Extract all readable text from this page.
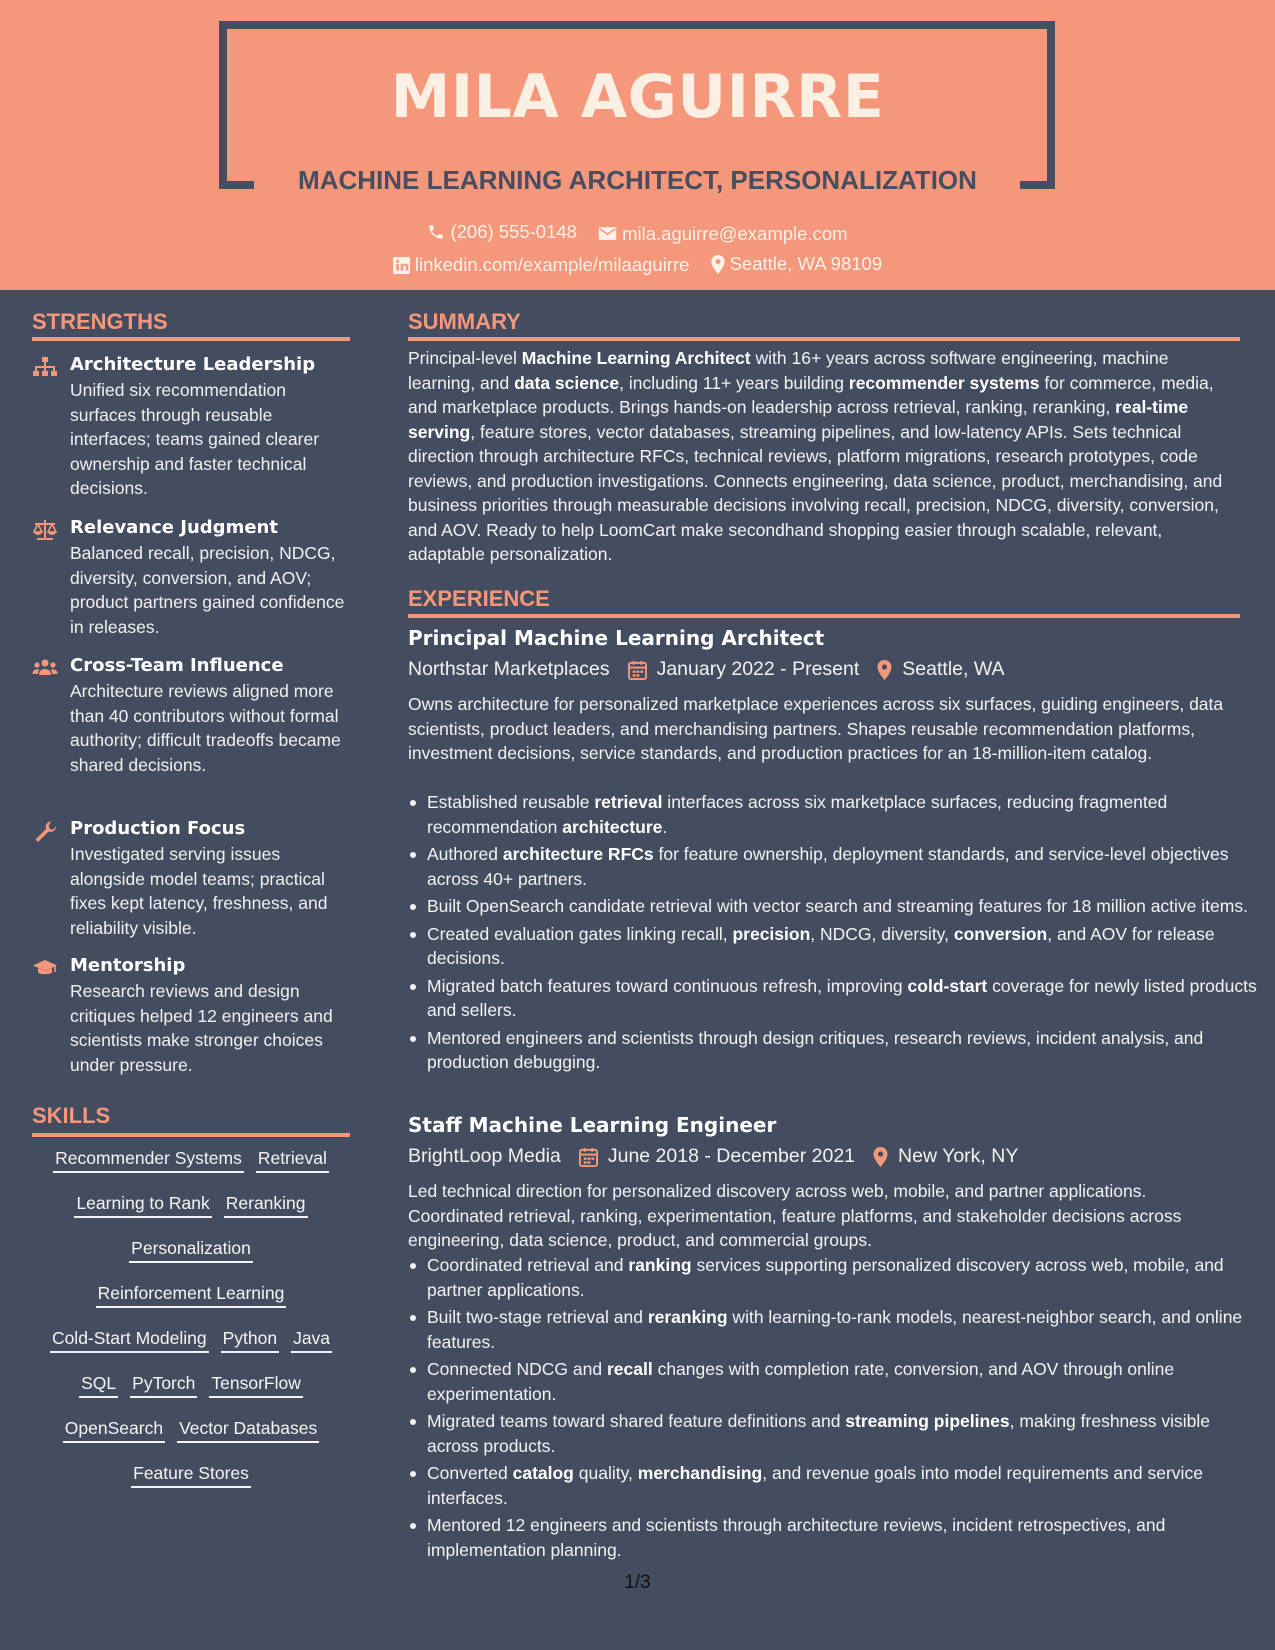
MILA AGUIRRE
MACHINE LEARNING ARCHITECT, PERSONALIZATION
(206) 555-0148
mila.aguirre@example.com
linkedin.com/example/milaaguirre
Seattle, WA 98109
STRENGTHS
Architecture Leadership
Unified six recommendation surfaces through reusable interfaces; teams gained clearer ownership and faster technical decisions.
Relevance Judgment
Balanced recall, precision, NDCG, diversity, conversion, and AOV; product partners gained confidence in releases.
Cross-Team Influence
Architecture reviews aligned more than 40 contributors without formal authority; difficult tradeoffs became shared decisions.
Production Focus
Investigated serving issues alongside model teams; practical fixes kept latency, freshness, and reliability visible.
Mentorship
Research reviews and design critiques helped 12 engineers and scientists make stronger choices under pressure.
SKILLS
Recommender Systems Retrieval
Learning to Rank Reranking
Personalization
Reinforcement Learning
Cold-Start Modeling Python Java
SQL PyTorch TensorFlow
OpenSearch Vector Databases
Feature Stores
SUMMARY
Principal-level Machine Learning Architect with 16+ years across software engineering, machine learning, and data science, including 11+ years building recommender systems for commerce, media, and marketplace products. Brings hands-on leadership across retrieval, ranking, reranking, real-time serving, feature stores, vector databases, streaming pipelines, and low-latency APIs. Sets technical direction through architecture RFCs, technical reviews, platform migrations, research prototypes, code reviews, and production investigations. Connects engineering, data science, product, merchandising, and business priorities through measurable decisions involving recall, precision, NDCG, diversity, conversion, and AOV. Ready to help LoomCart make secondhand shopping easier through scalable, relevant, adaptable personalization.
EXPERIENCE
Principal Machine Learning Architect
Northstar Marketplaces January 2022 - Present Seattle, WA
Owns architecture for personalized marketplace experiences across six surfaces, guiding engineers, data scientists, product leaders, and merchandising partners. Shapes reusable recommendation platforms, investment decisions, service standards, and production practices for an 18-million-item catalog.
Established reusable retrieval interfaces across six marketplace surfaces, reducing fragmented recommendation architecture.
Authored architecture RFCs for feature ownership, deployment standards, and service-level objectives across 40+ partners.
Built OpenSearch candidate retrieval with vector search and streaming features for 18 million active items.
Created evaluation gates linking recall, precision, NDCG, diversity, conversion, and AOV for release decisions.
Migrated batch features toward continuous refresh, improving cold-start coverage for newly listed products and sellers.
Mentored engineers and scientists through design critiques, research reviews, incident analysis, and production debugging.
Staff Machine Learning Engineer
BrightLoop Media June 2018 - December 2021 New York, NY
Led technical direction for personalized discovery across web, mobile, and partner applications. Coordinated retrieval, ranking, experimentation, feature platforms, and stakeholder decisions across engineering, data science, product, and commercial groups.
Coordinated retrieval and ranking services supporting personalized discovery across web, mobile, and partner applications.
Built two-stage retrieval and reranking with learning-to-rank models, nearest-neighbor search, and online features.
Connected NDCG and recall changes with completion rate, conversion, and AOV through online experimentation.
Migrated teams toward shared feature definitions and streaming pipelines, making freshness visible across products.
Converted catalog quality, merchandising, and revenue goals into model requirements and service interfaces.
Mentored 12 engineers and scientists through architecture reviews, incident retrospectives, and implementation planning.
1/3
